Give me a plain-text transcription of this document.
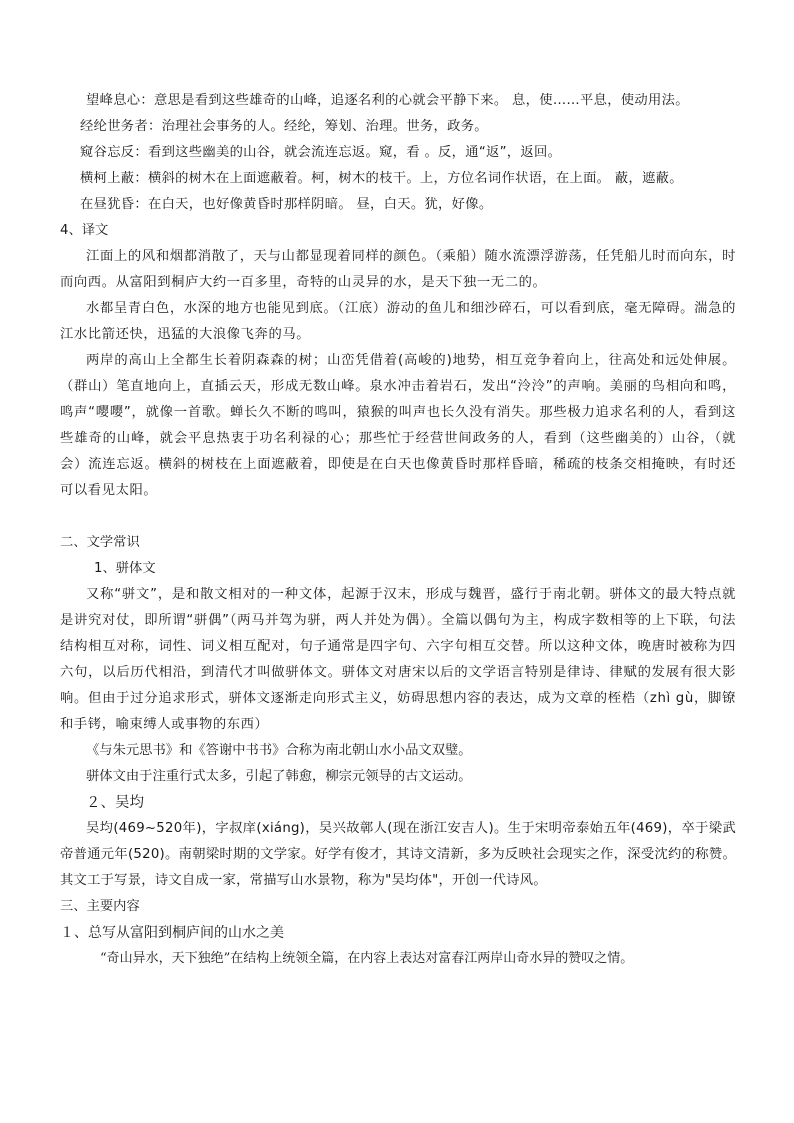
望峰息心：意思是看到这些雄奇的山峰，追逐名利的心就会平静下来。 息，使……平息，使动用法。
经纶世务者：治理社会事务的人。经纶，筹划、治理。世务，政务。
窥谷忘反：看到这些幽美的山谷，就会流连忘返。窥，看 。反，通“返”，返回。
横柯上蔽：横斜的树木在上面遮蔽着。柯，树木的枝干。上，方位名词作状语，在上面。 蔽，遮蔽。
在昼犹昏：在白天，也好像黄昏时那样阴暗。 昼，白天。犹，好像。
4、译文

江面上的风和烟都消散了，天与山都显现着同样的颜色。（乘船）随水流漂浮游荡，任凭船儿时而向东，时而向西。从富阳到桐庐大约一百多里，奇特的山灵异的水，是天下独一无二的。

水都呈青白色，水深的地方也能见到底。（江底）游动的鱼儿和细沙碎石，可以看到底，毫无障碍。湍急的江水比箭还快，迅猛的大浪像飞奔的马。

两岸的高山上全都生长着阴森森的树；山峦凭借着(高峻的)地势，相互竞争着向上，往高处和远处伸展。（群山）笔直地向上，直插云天，形成无数山峰。泉水冲击着岩石，发出“泠泠”的声响。美丽的鸟相向和鸣，鸣声“嘤嘤”，就像一首歌。蝉长久不断的鸣叫，猿猴的叫声也长久没有消失。那些极力追求名利的人，看到这些雄奇的山峰，就会平息热衷于功名利禄的心；那些忙于经营世间政务的人，看到（这些幽美的）山谷，（就会）流连忘返。横斜的树枝在上面遮蔽着，即使是在白天也像黄昏时那样昏暗，稀疏的枝条交相掩映，有时还可以看见太阳。

二、文学常识
1、骈体文

又称“骈文”，是和散文相对的一种文体，起源于汉末，形成与魏晋，盛行于南北朝。骈体文的最大特点就是讲究对仗，即所谓“骈偶”（两马并驾为骈，两人并处为偶）。全篇以偶句为主，构成字数相等的上下联，句法结构相互对称，词性、词义相互配对，句子通常是四字句、六字句相互交替。所以这种文体，晚唐时被称为四六句，以后历代相沿，到清代才叫做骈体文。骈体文对唐宋以后的文学语言特别是律诗、律赋的发展有很大影响。但由于过分追求形式，骈体文逐渐走向形式主义，妨碍思想内容的表达，成为文章的桎梏（zhì gù，脚镣和手铐，喻束缚人或事物的东西）

《与朱元思书》和《答谢中书书》合称为南北朝山水小品文双璧。
骈体文由于注重行式太多，引起了韩愈，柳宗元领导的古文运动。
２、吴均

吴均(469~520年)，字叔庠(xiáng)，吴兴故鄣人(现在浙江安吉人)。生于宋明帝泰始五年(469)，卒于梁武帝普通元年(520)。南朝梁时期的文学家。好学有俊才，其诗文清新，多为反映社会现实之作，深受沈约的称赞。其文工于写景，诗文自成一家，常描写山水景物，称为"吴均体"，开创一代诗风。

三、主要内容
１、总写从富阳到桐庐间的山水之美
“奇山异水，天下独绝”在结构上统领全篇，在内容上表达对富春江两岸山奇水异的赞叹之情。
